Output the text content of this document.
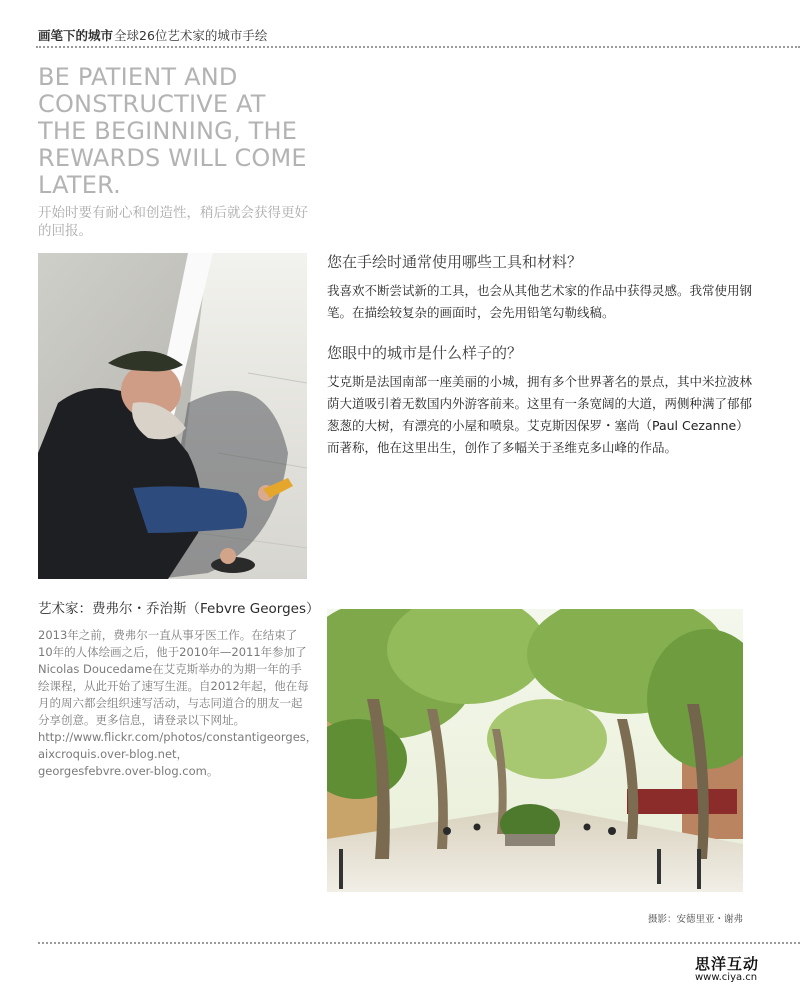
画笔下的城市 全球26位艺术家的城市手绘
BE PATIENT AND CONSTRUCTIVE AT THE BEGINNING, THE REWARDS WILL COME LATER.
开始时要有耐心和创造性，稍后就会获得更好的回报。
您在手绘时通常使用哪些工具和材料？
我喜欢不断尝试新的工具，也会从其他艺术家的作品中获得灵感。我常使用钢笔。在描绘较复杂的画面时，会先用铅笔勾勒线稿。
您眼中的城市是什么样子的？
艾克斯是法国南部一座美丽的小城，拥有多个世界著名的景点，其中米拉波林荫大道吸引着无数国内外游客前来。这里有一条宽阔的大道，两侧种满了郁郁葱葱的大树，有漂亮的小屋和喷泉。艾克斯因保罗・塞尚（Paul Cezanne）而著称，他在这里出生，创作了多幅关于圣维克多山峰的作品。
艺术家：费弗尔・乔治斯（Febvre Georges）
2013年之前，费弗尔一直从事牙医工作。在结束了10年的人体绘画之后，他于2010年—2011年参加了Nicolas Doucedame在艾克斯举办的为期一年的手绘课程，从此开始了速写生涯。自2012年起，他在每月的周六都会组织速写活动，与志同道合的朋友一起分享创意。更多信息，请登录以下网址。
http://www.flickr.com/photos/constantigeorges，
aixcroquis.over-blog.net，
georgesfebvre.over-blog.com。
摄影：安德里亚・谢弗
思洋互动
www.ciya.cn
